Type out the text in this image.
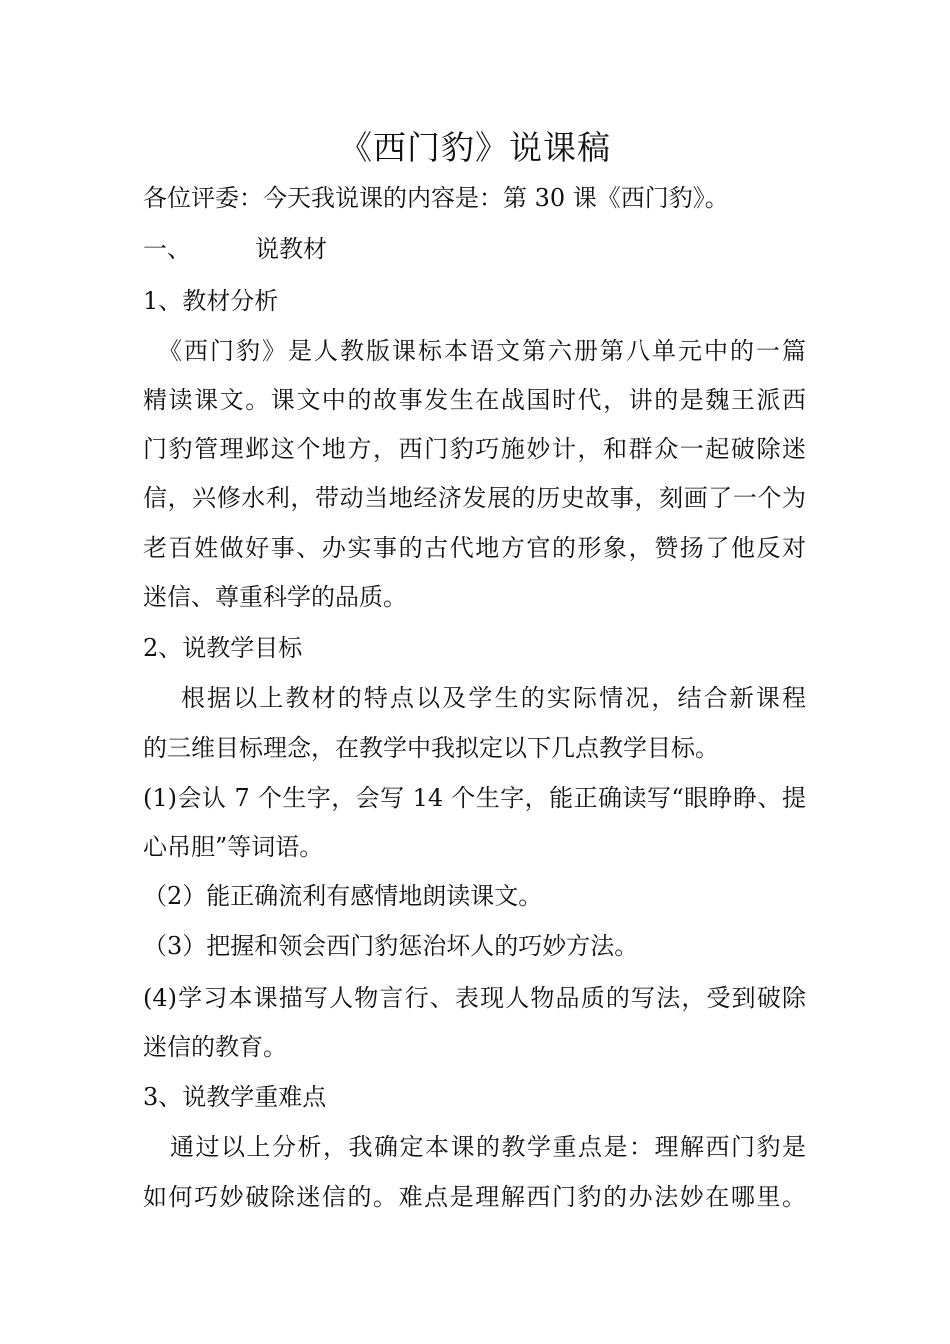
《西门豹》说课稿
各位评委：今天我说课的内容是：第 30 课《西门豹》。
一、	说教材
1、教材分析
《西门豹》是人教版课标本语文第六册第八单元中的一篇
精读课文。课文中的故事发生在战国时代，讲的是魏王派西
门豹管理邺这个地方，西门豹巧施妙计，和群众一起破除迷
信，兴修水利，带动当地经济发展的历史故事，刻画了一个为
老百姓做好事、办实事的古代地方官的形象，赞扬了他反对
迷信、尊重科学的品质。
2、说教学目标
根据以上教材的特点以及学生的实际情况，结合新课程
的三维目标理念，在教学中我拟定以下几点教学目标。
(1)会认 7 个生字，会写 14 个生字，能正确读写“眼睁睁、提
心吊胆”等词语。
（2）能正确流利有感情地朗读课文。
（3）把握和领会西门豹惩治坏人的巧妙方法。
(4)学习本课描写人物言行、表现人物品质的写法，受到破除
迷信的教育。
3、说教学重难点
通过以上分析，我确定本课的教学重点是：理解西门豹是
如何巧妙破除迷信的。难点是理解西门豹的办法妙在哪里。
